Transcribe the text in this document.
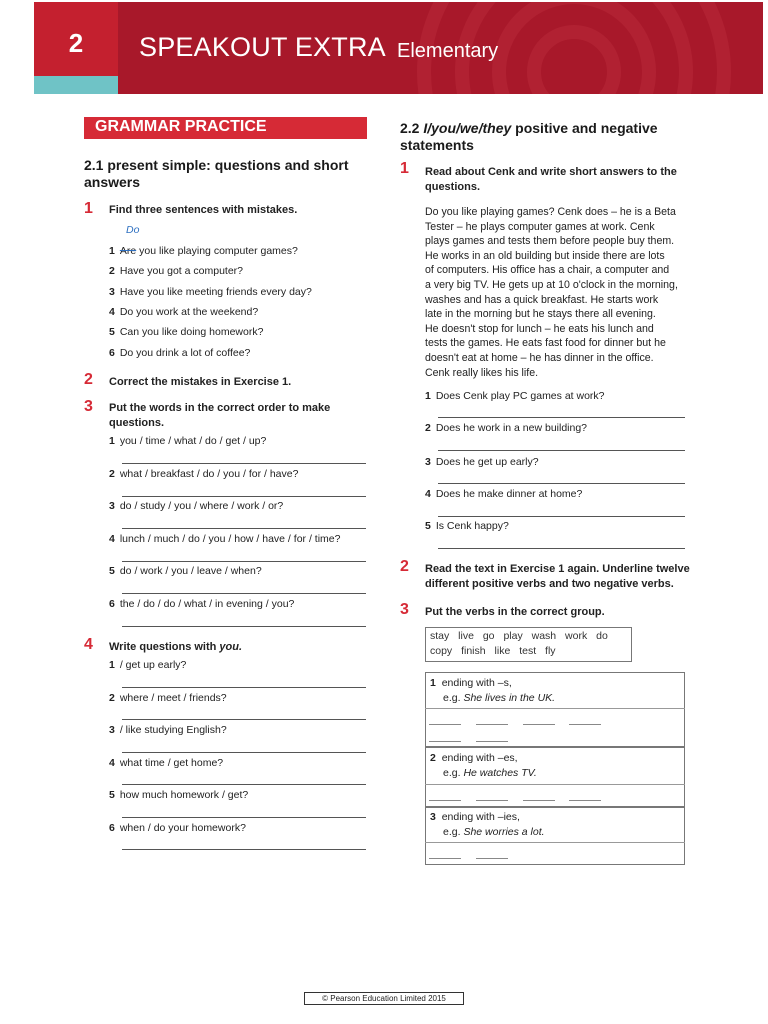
2	SPEAKOUT EXTRA Elementary
GRAMMAR PRACTICE
2.1 present simple: questions and short
answers
1 Find three sentences with mistakes.
Do
1 Are you like playing computer games?
2 Have you got a computer?
3 Have you like meeting friends every day?
4 Do you work at the weekend?
5 Can you like doing homework?
6 Do you drink a lot of coffee?
2 Correct the mistakes in Exercise 1.
3 Put the words in the correct order to make
questions.
1 you / time / what / do / get / up?
2 what / breakfast / do / you / for / have?
3 do / study / you / where / work / or?
4 lunch / much / do / you / how / have / for / time?
5 do / work / you / leave / when?
6 the / do / do / what / in evening / you?
4 Write questions with you.
1 / get up early?
2 where / meet / friends?
3 / like studying English?
4 what time / get home?
5 how much homework / get?
6 when / do your homework?
2.2 I/you/we/they positive and negative
statements
1 Read about Cenk and write short answers to the
questions.
Do you like playing games? Cenk does – he is a Beta
Tester – he plays computer games at work. Cenk
plays games and tests them before people buy them.
He works in an old building but inside there are lots
of computers. His office has a chair, a computer and
a very big TV. He gets up at 10 o'clock in the morning,
washes and has a quick breakfast. He starts work
late in the morning but he stays there all evening.
He doesn't stop for lunch – he eats his lunch and
tests the games. He eats fast food for dinner but he
doesn't eat at home – he has dinner in the office.
Cenk really likes his life.
1 Does Cenk play PC games at work?
2 Does he work in a new building?
3 Does he get up early?
4 Does he make dinner at home?
5 Is Cenk happy?
2 Read the text in Exercise 1 again. Underline twelve
different positive verbs and two negative verbs.
3 Put the verbs in the correct group.
stay live go play wash work do
copy finish like test fly
1 ending with –s,
e.g. She lives in the UK.
2 ending with –es,
e.g. He watches TV.
3 ending with –ies,
e.g. She worries a lot.
© Pearson Education Limited 2015
